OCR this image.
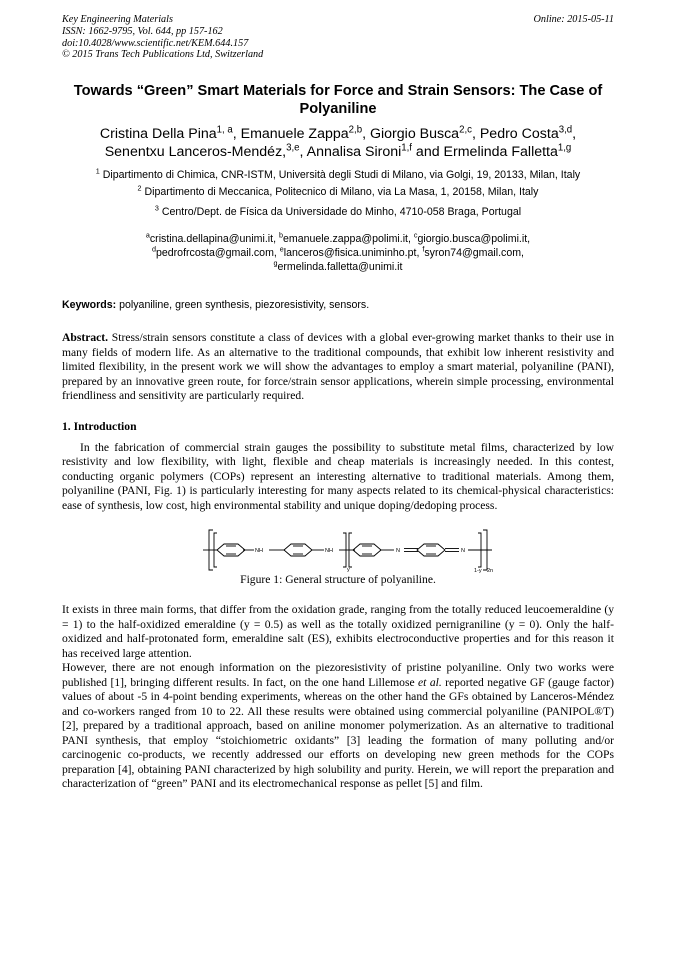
Key Engineering Materials
ISSN: 1662-9795, Vol. 644, pp 157-162
doi:10.4028/www.scientific.net/KEM.644.157
© 2015 Trans Tech Publications Ltd, Switzerland
Online: 2015-05-11
Towards “Green” Smart Materials for Force and Strain Sensors: The Case of Polyaniline
Cristina Della Pina$^{1, a}$, Emanuele Zappa$^{2,b}$, Giorgio Busca$^{2,c}$, Pedro Costa$^{3,d}$,
Senentxu Lanceros-Mendéz,$^{3,e}$, Annalisa Sironi$^{1,f}$ and Ermelinda Falletta$^{1,g}$
$^1$ Dipartimento di Chimica, CNR-ISTM, Università degli Studi di Milano, via Golgi, 19, 20133, Milan, Italy
$^2$ Dipartimento di Meccanica, Politecnico di Milano, via La Masa, 1, 20158, Milan, Italy
$^3$ Centro/Dept. de Física da Universidade do Minho, 4710-058 Braga, Portugal
$^a$cristina.dellapina@unimi.it, $^b$emanuele.zappa@polimi.it, $^c$giorgio.busca@polimi.it,
$^d$pedrofrcosta@gmail.com, $^e$lanceros@fisica.uniminho.pt, $^f$syron74@gmail.com,
$^g$ermelinda.falletta@unimi.it
Keywords: polyaniline, green synthesis, piezoresistivity, sensors.
Abstract. Stress/strain sensors constitute a class of devices with a global ever-growing market thanks to their use in many fields of modern life. As an alternative to the traditional compounds, that exhibit low inherent resistivity and limited flexibility, in the present work we will show the advantages to employ a smart material, polyaniline (PANI), prepared by an innovative green route, for force/strain sensor applications, wherein simple processing, environmental friendliness and sensitivity are particularly required.
1. Introduction
In the fabrication of commercial strain gauges the possibility to substitute metal films, characterized by low resistivity and low flexibility, with light, flexible and cheap materials is increasingly needed. In this contest, conducting organic polymers (COPs) represent an interesting alternative to traditional materials. Among them, polyaniline (PANI, Fig. 1) is particularly interesting for many aspects related to its chemical-physical characteristics: ease of synthesis, low cost, high environmental stability and unique doping/dedoping process.
NH	NH	N	N
y	1-y 2n
Figure 1: General structure of polyaniline.
It exists in three main forms, that differ from the oxidation grade, ranging from the totally reduced leucoemeraldine (y = 1) to the half-oxidized emeraldine (y = 0.5) as well as the totally oxidized pernigraniline (y = 0). Only the half-oxidized and half-protonated form, emeraldine salt (ES), exhibits electroconductive properties and for this reason it has received large attention.
However, there are not enough information on the piezoresistivity of pristine polyaniline. Only two works were published [1], bringing different results. In fact, on the one hand Lillemose et al. reported negative GF (gauge factor) values of about -5 in 4-point bending experiments, whereas on the other hand the GFs obtained by Lanceros-Méndez and co-workers ranged from 10 to 22. All these results were obtained using commercial polyaniline (PANIPOL®T) [2], prepared by a traditional approach, based on aniline monomer polymerization. As an alternative to traditional PANI synthesis, that employ “stoichiometric oxidants” [3] leading the formation of many polluting and/or carcinogenic co-products, we recently addressed our efforts on developing new green methods for the COPs preparation [4], obtaining PANI characterized by high solubility and purity. Herein, we will report the preparation and characterization of “green” PANI and its electromechanical response as pellet [5] and film.
